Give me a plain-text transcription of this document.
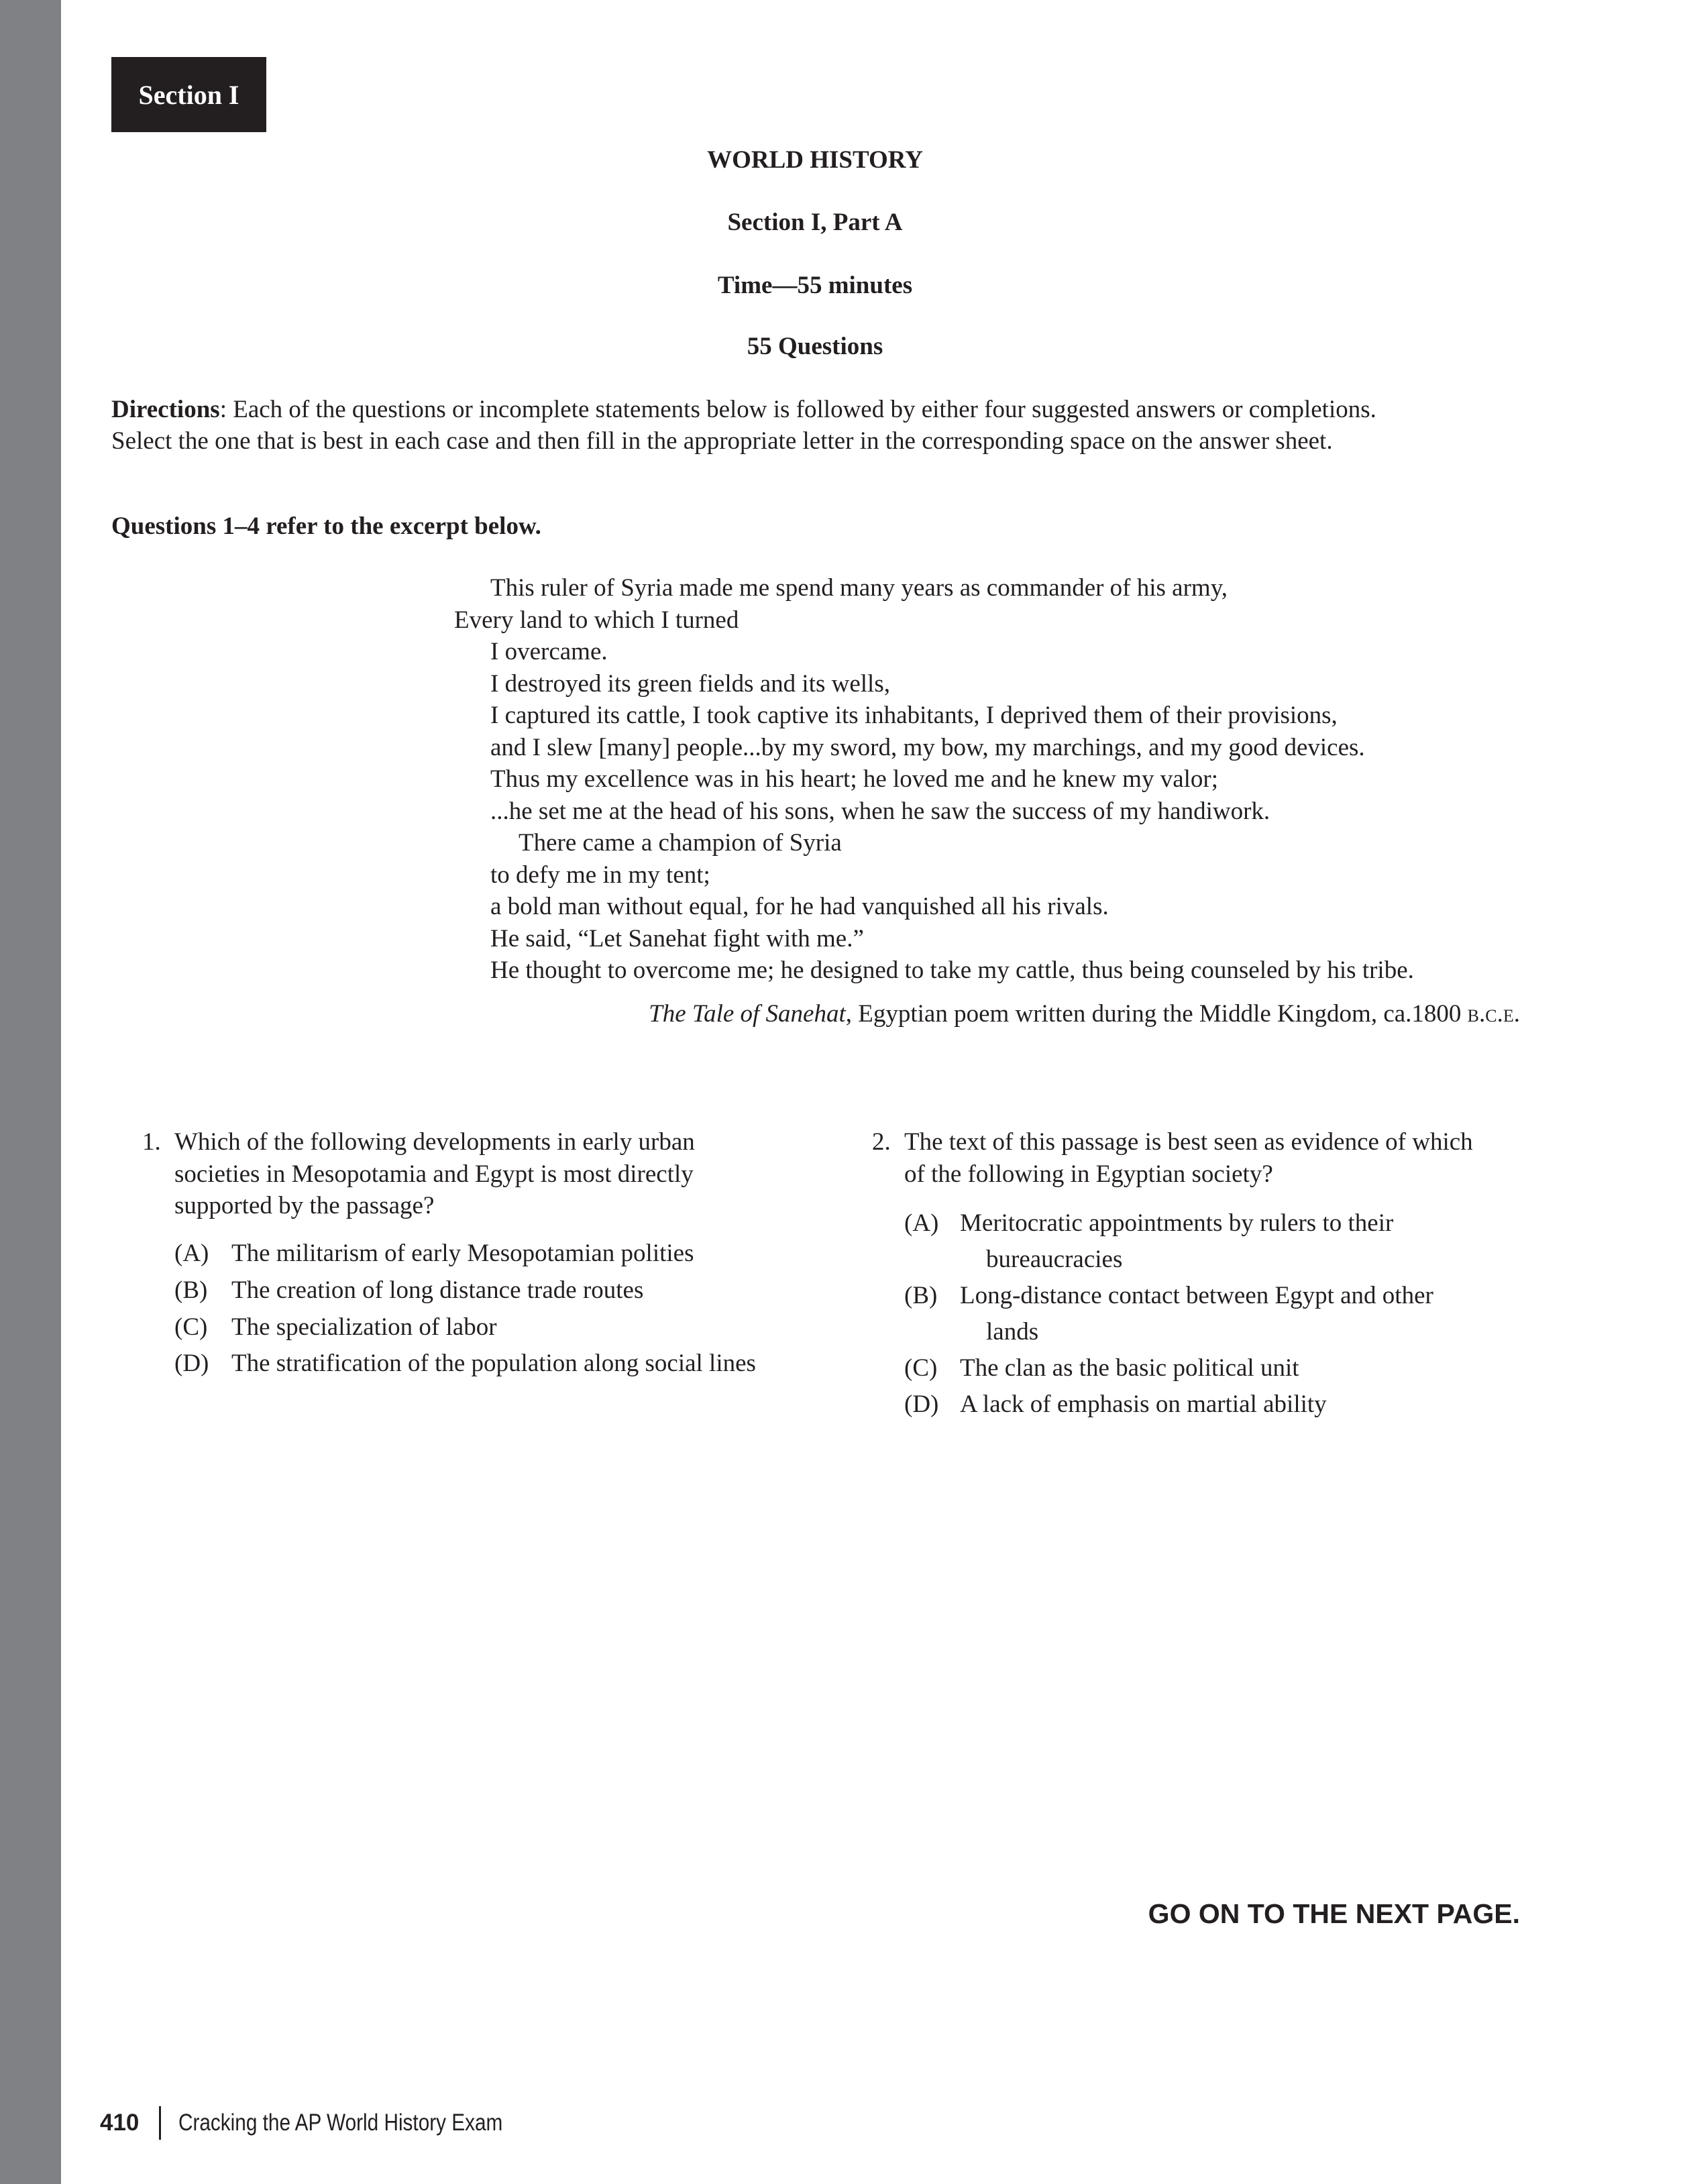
Section I
WORLD HISTORY
Section I, Part A
Time—55 minutes
55 Questions
Directions: Each of the questions or incomplete statements below is followed by either four suggested answers or completions.
Select the one that is best in each case and then fill in the appropriate letter in the corresponding space on the answer sheet.
Questions 1–4 refer to the excerpt below.
This ruler of Syria made me spend many years as commander of his army,
Every land to which I turned
I overcame.
I destroyed its green fields and its wells,
I captured its cattle, I took captive its inhabitants, I deprived them of their provisions,
and I slew [many] people...by my sword, my bow, my marchings, and my good devices.
Thus my excellence was in his heart; he loved me and he knew my valor;
...he set me at the head of his sons, when he saw the success of my handiwork.
There came a champion of Syria
to defy me in my tent;
a bold man without equal, for he had vanquished all his rivals.
He said, “Let Sanehat fight with me.”
He thought to overcome me; he designed to take my cattle, thus being counseled by his tribe.
The Tale of Sanehat, Egyptian poem written during the Middle Kingdom, ca.1800 b.c.e.
1. Which of the following developments in early urban
societies in Mesopotamia and Egypt is most directly
supported by the passage?
(A) The militarism of early Mesopotamian polities
(B) The creation of long distance trade routes
(C) The specialization of labor
(D) The stratification of the population along social lines
2. The text of this passage is best seen as evidence of which
of the following in Egyptian society?
(A) Meritocratic appointments by rulers to their
bureaucracies
(B) Long-distance contact between Egypt and other
lands
(C) The clan as the basic political unit
(D) A lack of emphasis on martial ability
GO ON TO THE NEXT PAGE.
410 Cracking the AP World History Exam
